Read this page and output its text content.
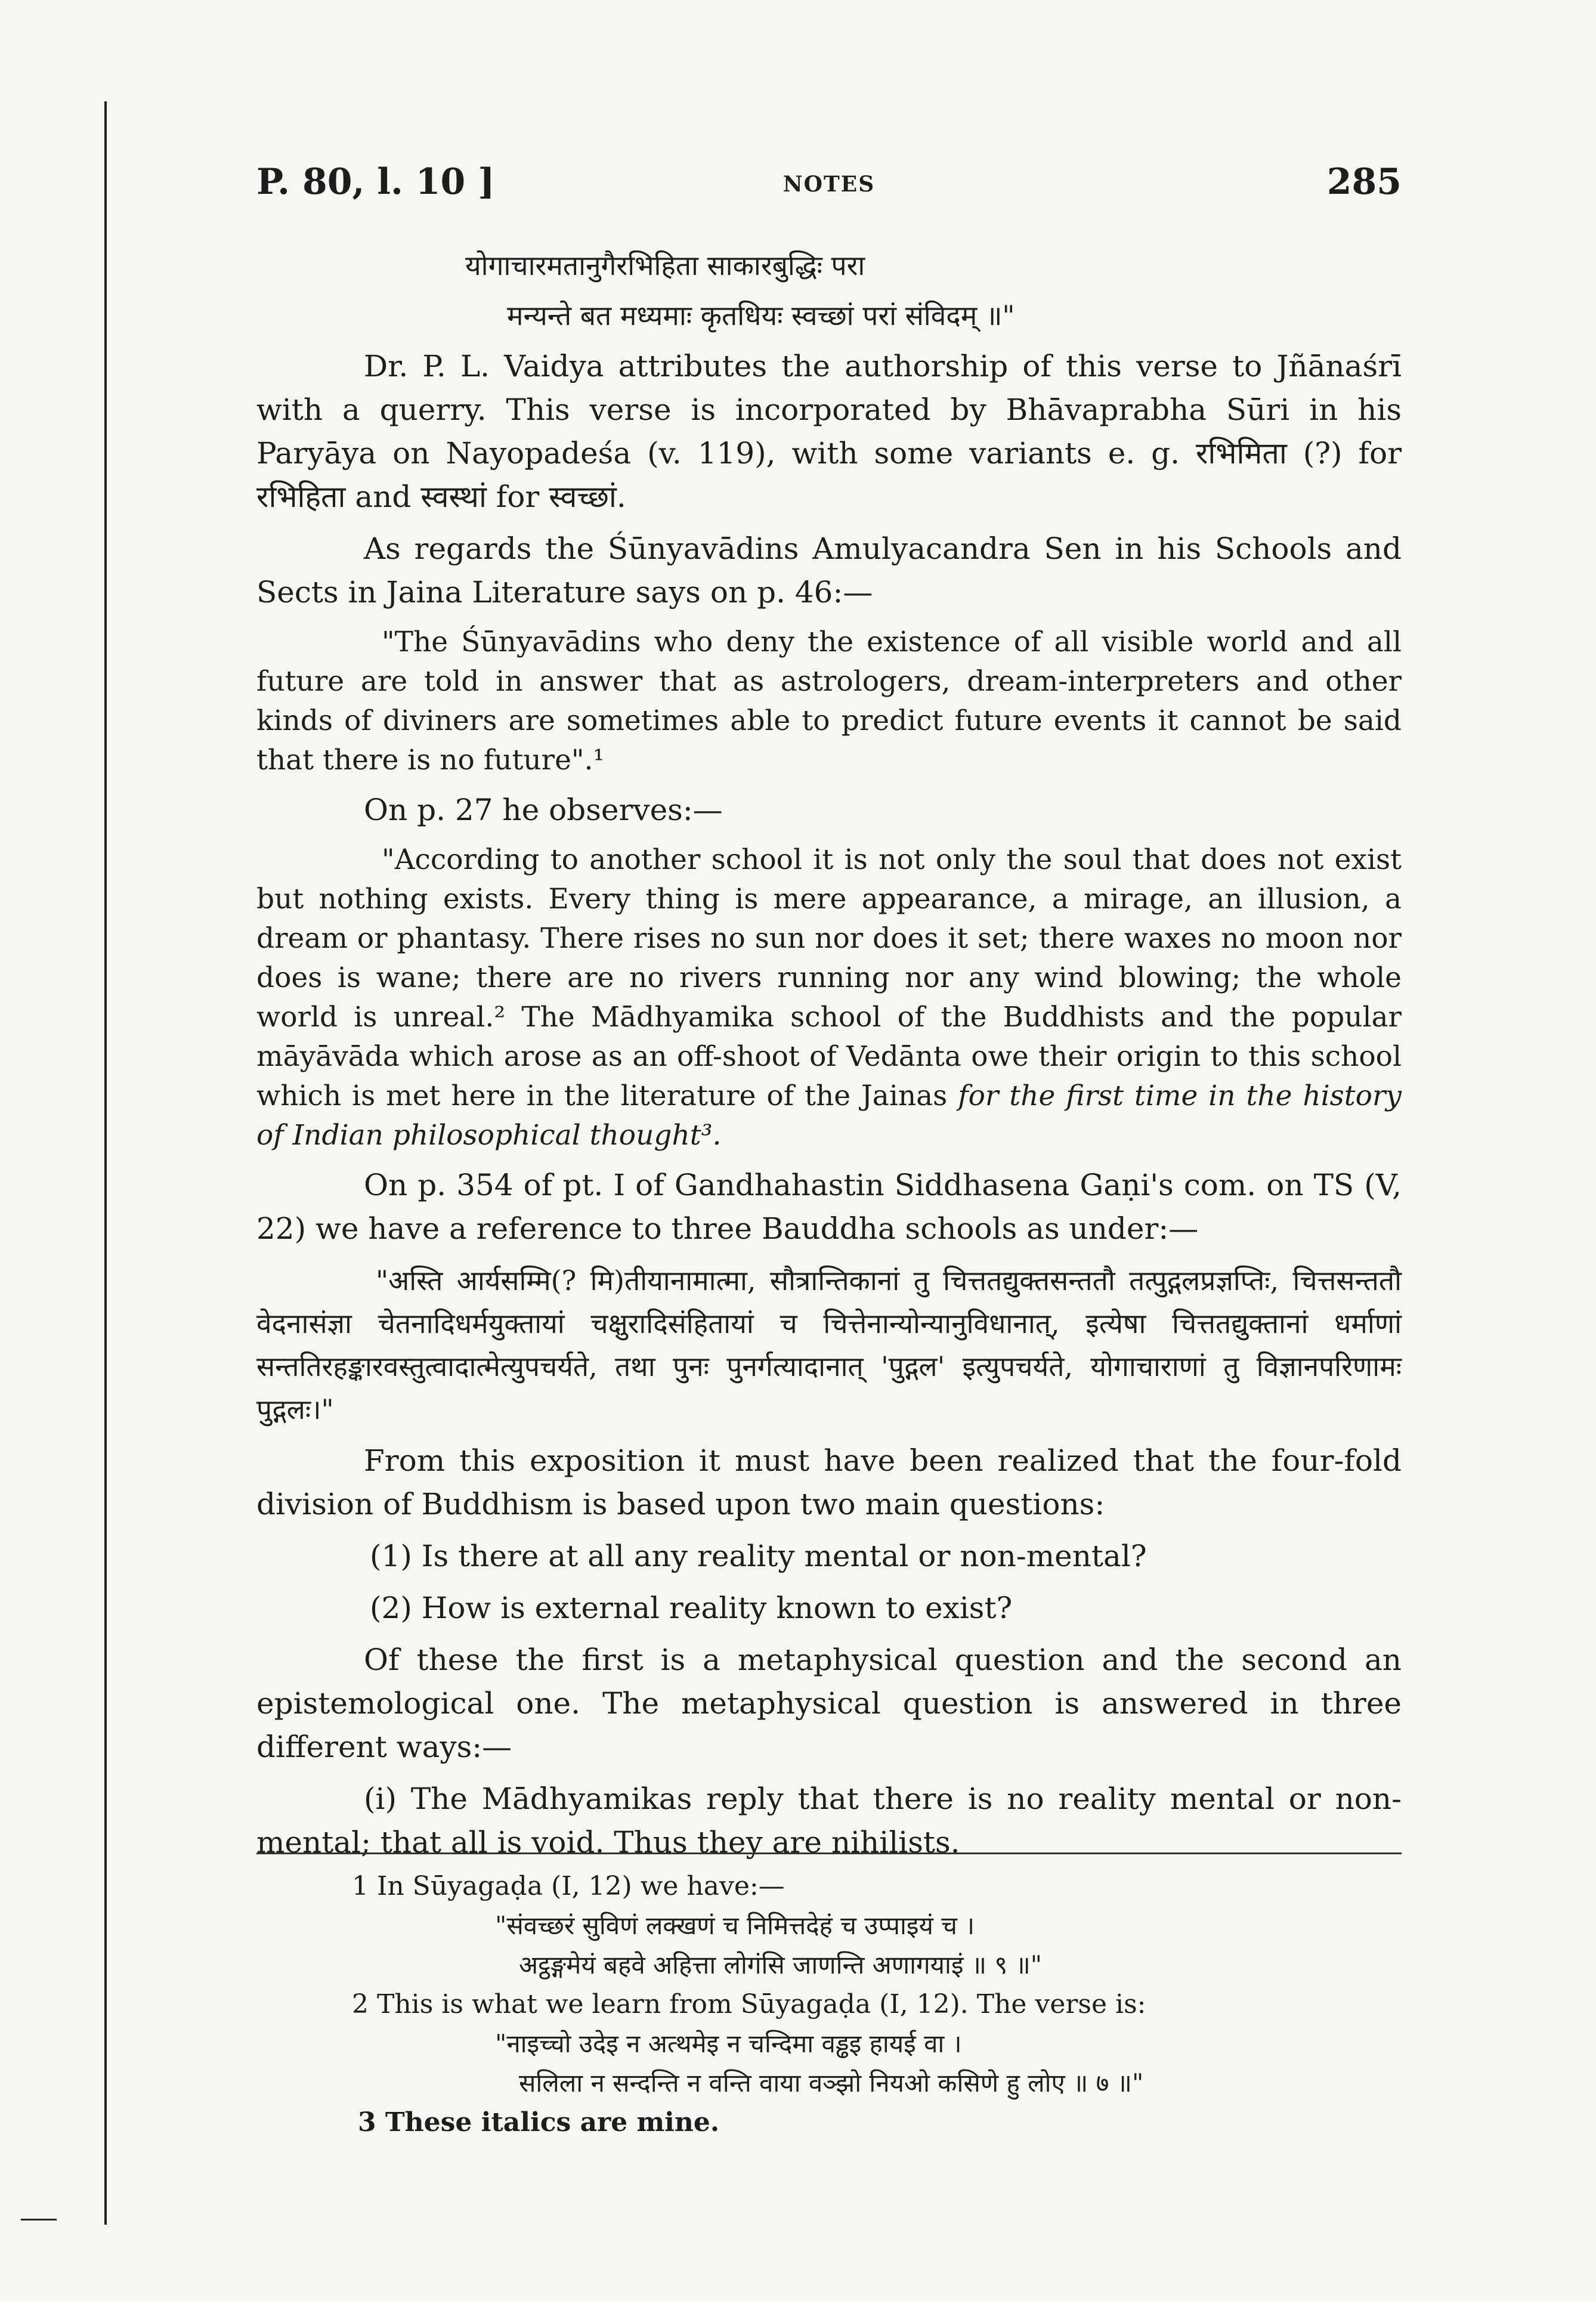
P. 80, l. 10 ]	NOTES	285

योगाचारमतानुगैरभिहिता साकारबुद्धिः परा

मन्यन्ते बत मध्यमाः कृतधियः स्वच्छां परां संविदम् ॥"

Dr. P. L. Vaidya attributes the authorship of this verse to Jñānaśrī with a querry. This verse is incorporated by Bhāvaprabha Sūri in his Paryāya on Nayopadeśa (v. 119), with some variants e. g. रभिमिता (?) for रभिहिता and स्वस्थां for स्वच्छां.

As regards the Śūnyavādins Amulyacandra Sen in his Schools and Sects in Jaina Literature says on p. 46:—

"The Śūnyavādins who deny the existence of all visible world and all future are told in answer that as astrologers, dream-interpreters and other kinds of diviners are sometimes able to predict future events it cannot be said that there is no future".¹

On p. 27 he observes:—

"According to another school it is not only the soul that does not exist but nothing exists. Every thing is mere appearance, a mirage, an illusion, a dream or phantasy. There rises no sun nor does it set; there waxes no moon nor does is wane; there are no rivers running nor any wind blowing; the whole world is unreal.² The Mādhyamika school of the Buddhists and the popular māyāvāda which arose as an off-shoot of Vedānta owe their origin to this school which is met here in the literature of the Jainas for the first time in the history of Indian philosophical thought³.

On p. 354 of pt. I of Gandhahastin Siddhasena Gaṇi's com. on TS (V, 22) we have a reference to three Bauddha schools as under:—

"अस्ति आर्यसम्मि(? मि)तीयानामात्मा, सौत्रान्तिकानां तु चित्ततद्युक्तसन्ततौ तत्पुद्गलप्रज्ञप्तिः, चित्तसन्ततौ वेदनासंज्ञा चेतनादिधर्मयुक्तायां चक्षुरादिसंहितायां च चित्तेनान्योन्यानुविधानात्, इत्येषा चित्ततद्युक्तानां धर्माणां सन्ततिरहङ्कारवस्तुत्वादात्मेत्युपचर्यते, तथा पुनः पुनर्गत्यादानात् 'पुद्गल' इत्युपचर्यते, योगाचाराणां तु विज्ञानपरिणामः पुद्गलः।"

From this exposition it must have been realized that the four-fold division of Buddhism is based upon two main questions:

(1) Is there at all any reality mental or non-mental?

(2) How is external reality known to exist?

Of these the first is a metaphysical question and the second an epistemological one. The metaphysical question is answered in three different ways:—

(i) The Mādhyamikas reply that there is no reality mental or non-mental; that all is void. Thus they are nihilists.

1 In Sūyagaḍa (I, 12) we have:—

"संवच्छरं सुविणं लक्खणं च निमित्तदेहं च उप्पाइयं च ।

अट्ठङ्गमेयं बहवे अहित्ता लोगंसि जाणन्ति अणागयाइं ॥ ९ ॥"

2 This is what we learn from Sūyagaḍa (I, 12). The verse is:

"नाइच्चो उदेइ न अत्थमेइ न चन्दिमा वड्ढइ हायई वा ।

सलिला न सन्दन्ति न वन्ति वाया वञ्झो नियओ कसिणे हु लोए ॥ ७ ॥"

3 These italics are mine.
